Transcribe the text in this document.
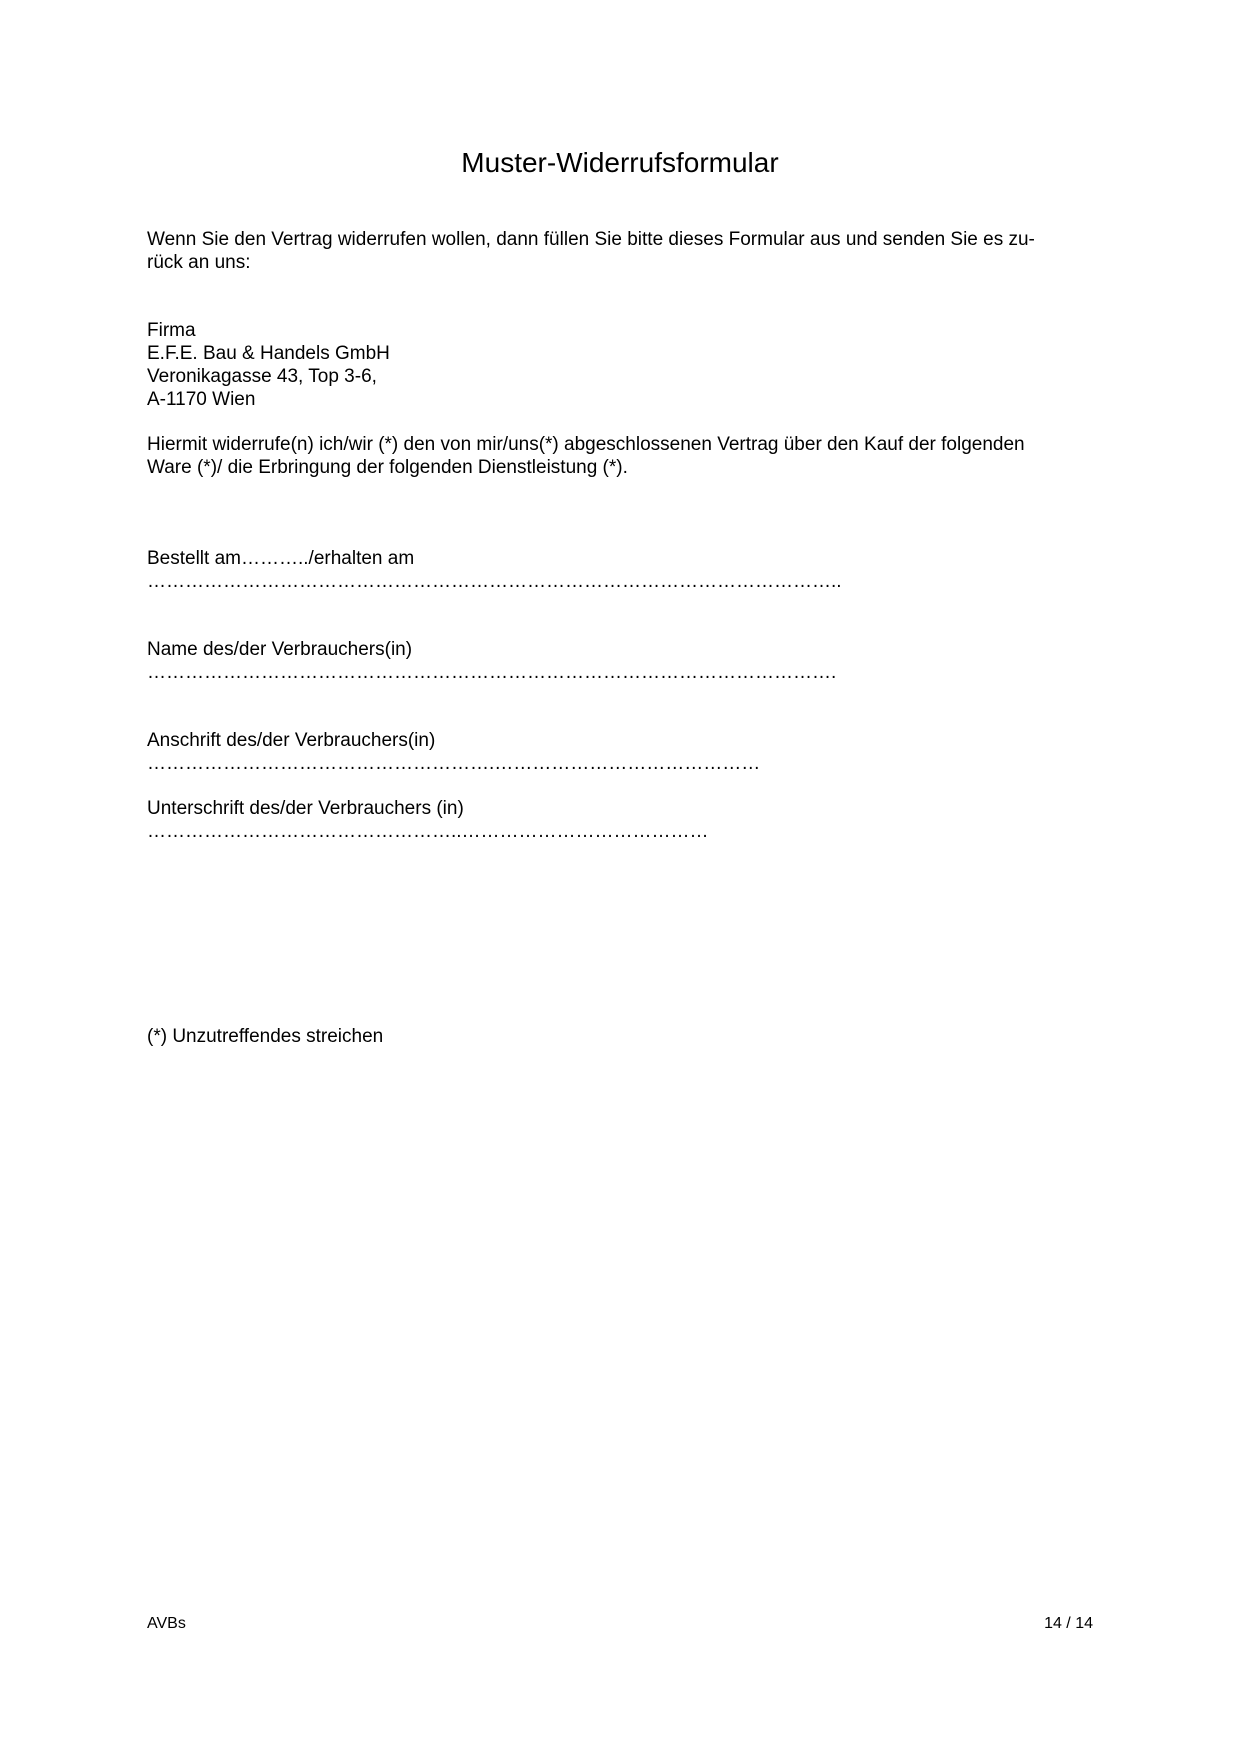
Muster-Widerrufsformular

Wenn Sie den Vertrag widerrufen wollen, dann füllen Sie bitte dieses Formular aus und senden Sie es zu-
rück an uns:

Firma
E.F.E. Bau & Handels GmbH
Veronikagasse 43, Top 3-6,
A-1170 Wien

Hiermit widerrufe(n) ich/wir (*) den von mir/uns(*) abgeschlossenen Vertrag über den Kauf der folgenden
Ware (*)/ die Erbringung der folgenden Dienstleistung (*).

Bestellt am………../erhalten am
………………………………………………………………………………………………..
Name des/der Verbrauchers(in)
……………………………………………………………………………………………….
Anschrift des/der Verbrauchers(in)
……………………………………………….……………………………………
Unterschrift des/der Verbrauchers (in)
…………………………………………..…………………………………

(*) Unzutreffendes streichen

AVBs	14 / 14
